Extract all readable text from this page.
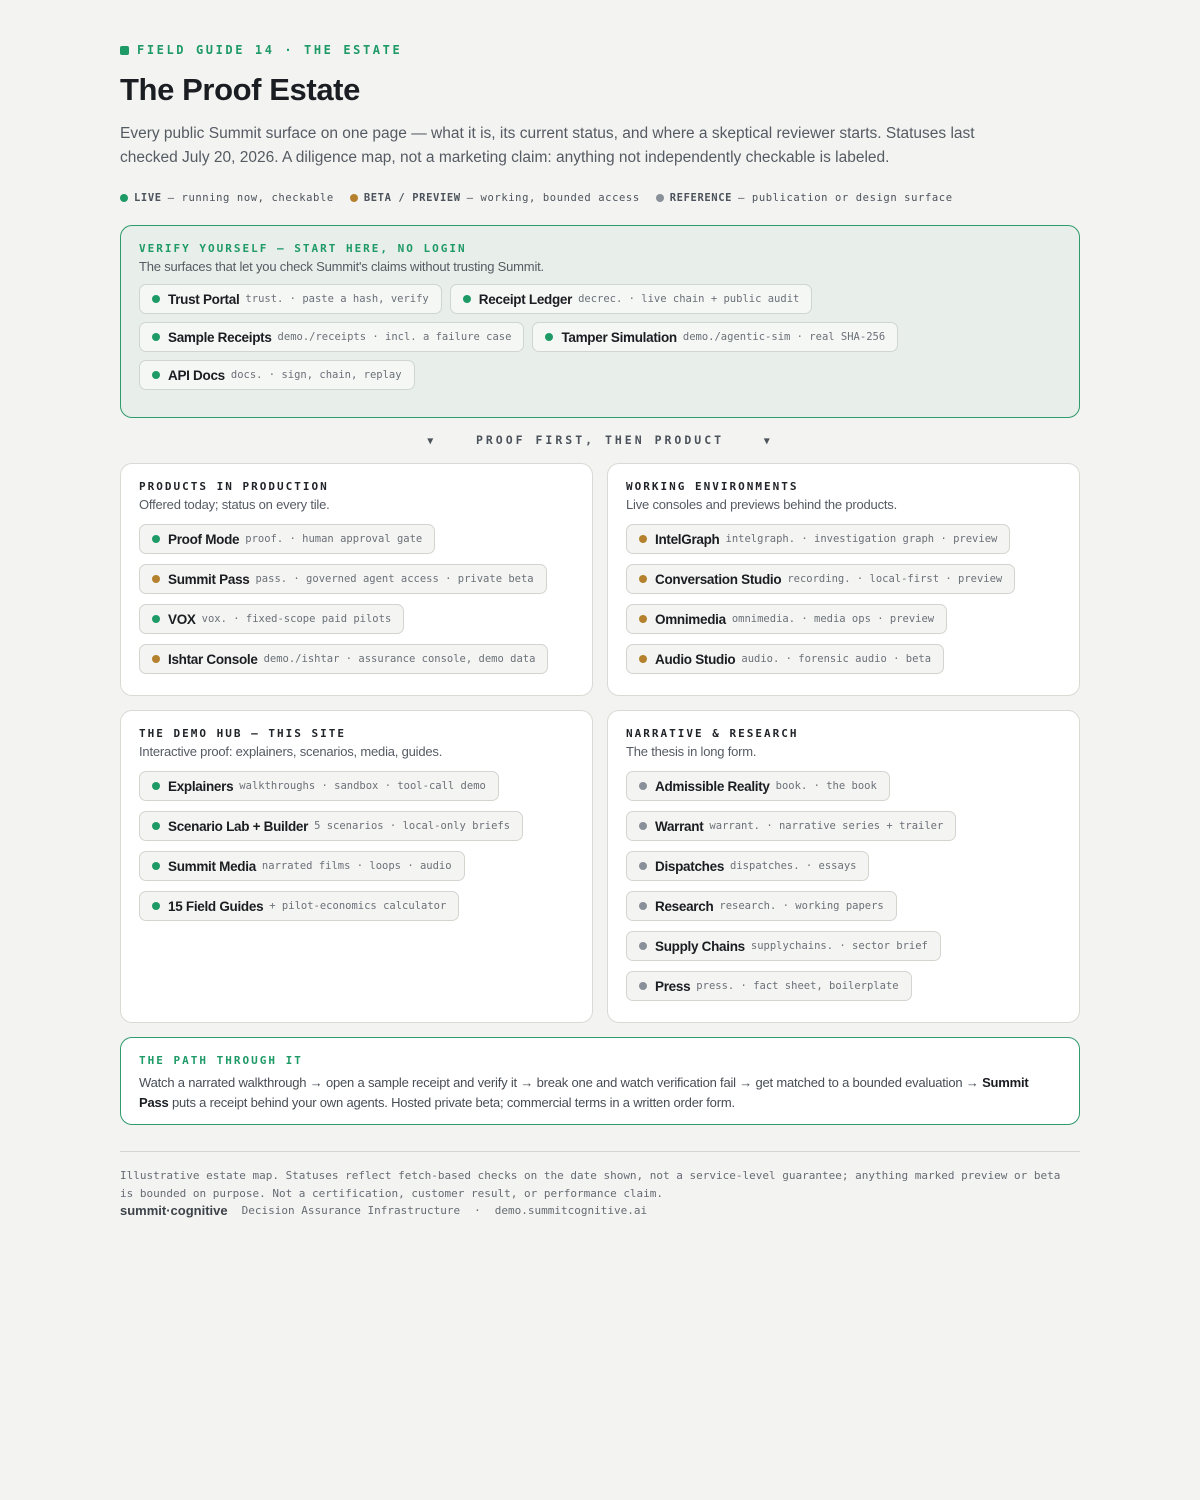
FIELD GUIDE 14 · THE ESTATE
The Proof Estate
Every public Summit surface on one page — what it is, its current status, and where a skeptical reviewer starts. Statuses last checked July 20, 2026. A diligence map, not a marketing claim: anything not independently checkable is labeled.
LIVE — running now, checkable	BETA / PREVIEW — working, bounded access	REFERENCE — publication or design surface
VERIFY YOURSELF — START HERE, NO LOGIN
The surfaces that let you check Summit's claims without trusting Summit.
Trust Portal trust. · paste a hash, verify	Receipt Ledger decrec. · live chain + public audit
Sample Receipts demo./receipts · incl. a failure case	Tamper Simulation demo./agentic-sim · real SHA-256
API Docs docs. · sign, chain, replay
▼	PROOF FIRST, THEN PRODUCT	▼
PRODUCTS IN PRODUCTION
Offered today; status on every tile.
Proof Mode proof. · human approval gate
Summit Pass pass. · governed agent access · private beta
VOX vox. · fixed-scope paid pilots
Ishtar Console demo./ishtar · assurance console, demo data
WORKING ENVIRONMENTS
Live consoles and previews behind the products.
IntelGraph intelgraph. · investigation graph · preview
Conversation Studio recording. · local-first · preview
Omnimedia omnimedia. · media ops · preview
Audio Studio audio. · forensic audio · beta
THE DEMO HUB — THIS SITE
Interactive proof: explainers, scenarios, media, guides.
Explainers walkthroughs · sandbox · tool-call demo
Scenario Lab + Builder 5 scenarios · local-only briefs
Summit Media narrated films · loops · audio
15 Field Guides + pilot-economics calculator
NARRATIVE & RESEARCH
The thesis in long form.
Admissible Reality book. · the book
Warrant warrant. · narrative series + trailer
Dispatches dispatches. · essays
Research research. · working papers
Supply Chains supplychains. · sector brief
Press press. · fact sheet, boilerplate
THE PATH THROUGH IT
Watch a narrated walkthrough → open a sample receipt and verify it → break one and watch verification fail → get matched to a bounded evaluation → Summit Pass puts a receipt behind your own agents. Hosted private beta; commercial terms in a written order form.
Illustrative estate map. Statuses reflect fetch-based checks on the date shown, not a service-level guarantee; anything marked preview or beta is bounded on purpose. Not a certification, customer result, or performance claim.
summit·cognitive Decision Assurance Infrastructure · demo.summitcognitive.ai
